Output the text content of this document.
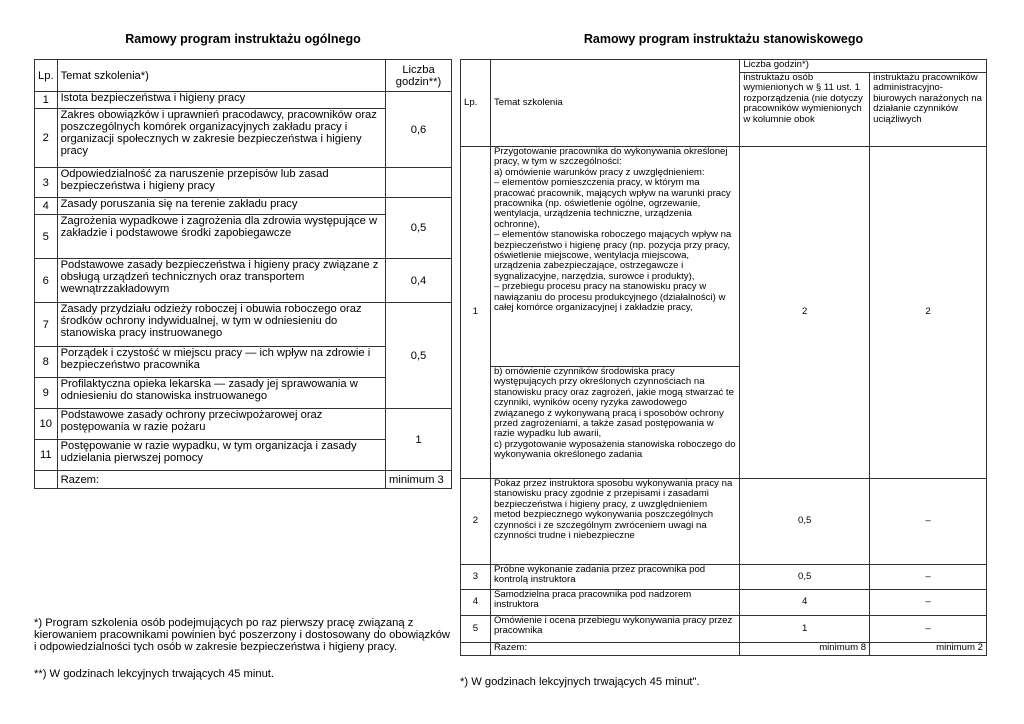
Ramowy program instruktażu ogólnego	Ramowy program instruktażu stanowiskowego
Lp.	Temat szkolenia*)	Liczba godzin**)
1	Istota bezpieczeństwa i higieny pracy	0,6
2	Zakres obowiązków i uprawnień pracodawcy, pracowników oraz poszczególnych komórek organizacyjnych zakładu pracy i organizacji społecznych w zakresie bezpieczeństwa i higieny pracy	
3	Odpowiedzialność za naruszenie przepisów lub zasad bezpieczeństwa i higieny pracy	
4	Zasady poruszania się na terenie zakładu pracy	0,5
5	Zagrożenia wypadkowe i zagrożenia dla zdrowia występujące w zakładzie i podstawowe środki zapobiegawcze	
6	Podstawowe zasady bezpieczeństwa i higieny pracy związane z obsługą urządzeń technicznych oraz transportem wewnątrzzakładowym	0,4
7	Zasady przydziału odzieży roboczej i obuwia roboczego oraz środków ochrony indywidualnej, w tym w odniesieniu do stanowiska pracy instruowanego	0,5
8	Porządek i czystość w miejscu pracy — ich wpływ na zdrowie i bezpieczeństwo pracownika	
9	Profilaktyczna opieka lekarska — zasady jej sprawowania w odniesieniu do stanowiska instruowanego	
10	Podstawowe zasady ochrony przeciwpożarowej oraz postępowania w razie pożaru	1
11	Postępowanie w razie wypadku, w tym organizacja i zasady udzielania pierwszej pomocy	
	Razem:	minimum 3
*) Program szkolenia osób podejmujących po raz pierwszy pracę związaną z kierowaniem pracownikami powinien być poszerzony i dostosowany do obowiązków i odpowiedzialności tych osób w zakresie bezpieczeństwa i higieny pracy.
**) W godzinach lekcyjnych trwających 45 minut.
Lp.	Temat szkolenia	Liczba godzin*)	
		instruktażu osób wymienionych w § 11 ust. 1 rozporządzenia (nie dotyczy pracowników wymienionych w kolumnie obok	instruktażu pracowników administracyjno-biurowych narażonych na działanie czynników uciążliwych
1	Przygotowanie pracownika do wykonywania określonej pracy, w tym w szczególności:
a) omówienie warunków pracy z uwzględnieniem:
– elementów pomieszczenia pracy, w którym ma pracować pracownik, mających wpływ na warunki pracy pracownika (np. oświetlenie ogólne, ogrzewanie, wentylacja, urządzenia techniczne, urządzenia ochronne),
– elementów stanowiska roboczego mających wpływ na bezpieczeństwo i higienę pracy (np. pozycja przy pracy, oświetlenie miejscowe, wentylacja miejscowa, urządzenia zabezpieczające, ostrzegawcze i sygnalizacyjne, narzędzia, surowce i produkty),
– przebiegu procesu pracy na stanowisku pracy w nawiązaniu do procesu produkcyjnego (działalności) w całej komórce organizacyjnej i zakładzie pracy,	2	2

	b) omówienie czynników środowiska pracy występujących przy określonych czynnościach na stanowisku pracy oraz zagrożeń, jakie mogą stwarzać te czynniki, wyników oceny ryzyka zawodowego związanego z wykonywaną pracą i sposobów ochrony przed zagrożeniami, a także zasad postępowania w razie wypadku lub awarii,
c) przygotowanie wyposażenia stanowiska roboczego do wykonywania określonego zadania		

2	Pokaz przez instruktora sposobu wykonywania pracy na stanowisku pracy zgodnie z przepisami i zasadami bezpieczeństwa i higieny pracy, z uwzględnieniem metod bezpiecznego wykonywania poszczególnych czynności i ze szczególnym zwróceniem uwagi na czynności trudne i niebezpieczne	0,5	–
3	Próbne wykonanie zadania przez pracownika pod kontrolą instruktora	0,5	–
4	Samodzielna praca pracownika pod nadzorem instruktora	4	–
5	Omówienie i ocena przebiegu wykonywania pracy przez pracownika	1	–
	Razem:	minimum 8	minimum 2
*) W godzinach lekcyjnych trwających 45 minut".
